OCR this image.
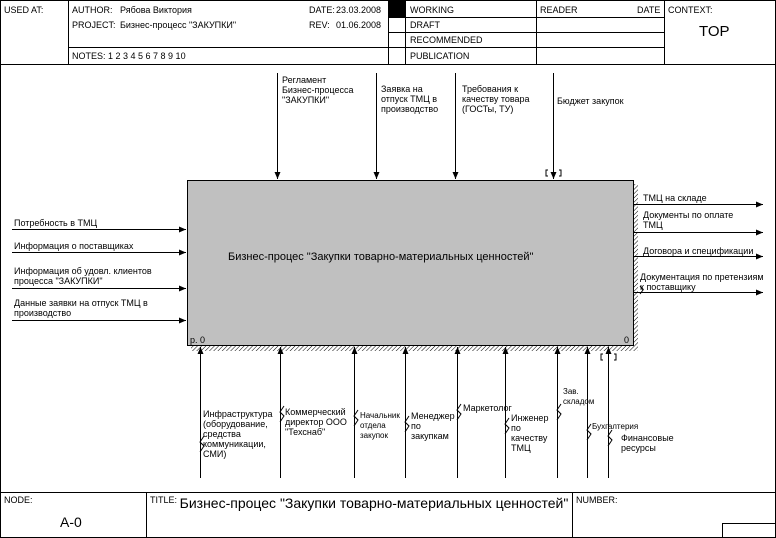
USED AT:	AUTHOR: Рябова Виктория
PROJECT: Бизнес-процесс "ЗАКУПКИ"
DATE: 23.03.2008
REV: 01.06.2008
NOTES: 1 2 3 4 5 6 7 8 9 10
WORKING
DRAFT
RECOMMENDED
PUBLICATION
READER	DATE CONTEXT:
TOP
Бизнес-процес "Закупки товарно-материальных ценностей"
р. 0	0
Регламент
Бизнес-процесса
"ЗАКУПКИ"
Заявка на
отпуск ТМЦ в
производство
Требования к
качеству товара
(ГОСТы, ТУ)
Бюджет закупок
Потребность в ТМЦ
Информация о поставщиках
Информация об удовл. клиентов
процесса "ЗАКУПКИ"
Данные заявки на отпуск ТМЦ в
производство
ТМЦ на складе
Документы по оплате
ТМЦ
Договора и спецификации
Документация по претензиям
к поставщику
Инфраструктура
(оборудование,
средства
коммуникации,
СМИ)
Коммерческий
директор ООО
"Техснаб"
Начальник
отдела
закупок
Менеджер
по
закупкам
Маркетолог
Инженер
по
качеству
ТМЦ
Зав.
складом
Бухгалтерия
Финансовые
ресурсы
NODE:
A-0
TITLE: Бизнес-процес "Закупки товарно-материальных ценностей" NUMBER:
